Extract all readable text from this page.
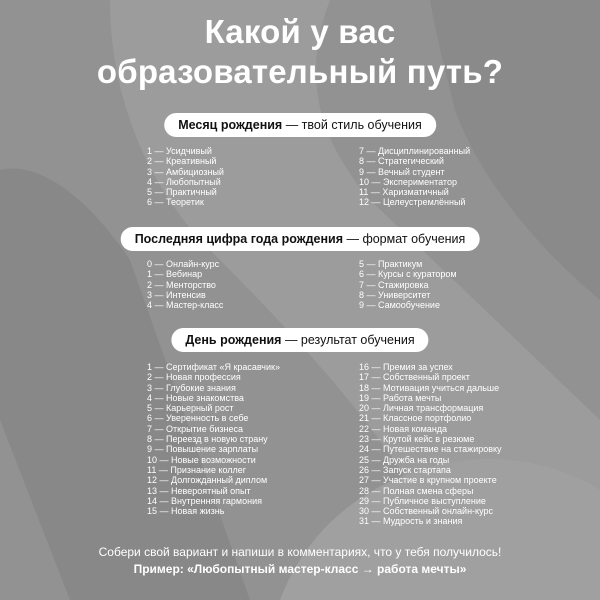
Какой у вас
образовательный путь?
Месяц рождения — твой стиль обучения
1 — Усидчивый
2 — Креативный
3 — Амбициозный
4 — Любопытный
5 — Практичный
6 — Теоретик
7 — Дисциплинированный
8 — Стратегический
9 — Вечный студент
10 — Экспериментатор
11 — Харизматичный
12 — Целеустремлённый
Последняя цифра года рождения — формат обучения
0 — Онлайн-курс
1 — Вебинар
2 — Менторство
3 — Интенсив
4 — Мастер-класс
5 — Практикум
6 — Курсы с куратором
7 — Стажировка
8 — Университет
9 — Самообучение
День рождения — результат обучения
1 — Сертификат «Я красавчик»
2 — Новая профессия
3 — Глубокие знания
4 — Новые знакомства
5 — Карьерный рост
6 — Уверенность в себе
7 — Открытие бизнеса
8 — Переезд в новую страну
9 — Повышение зарплаты
10 — Новые возможности
11 — Признание коллег
12 — Долгожданный диплом
13 — Невероятный опыт
14 — Внутренняя гармония
15 — Новая жизнь
16 — Премия за успех
17 — Собственный проект
18 — Мотивация учиться дальше
19 — Работа мечты
20 — Личная трансформация
21 — Классное портфолио
22 — Новая команда
23 — Крутой кейс в резюме
24 — Путешествие на стажировку
25 — Дружба на годы
26 — Запуск стартапа
27 — Участие в крупном проекте
28 — Полная смена сферы
29 — Публичное выступление
30 — Собственный онлайн-курс
31 — Мудрость и знания
Собери свой вариант и напиши в комментариях, что у тебя получилось!
Пример: «Любопытный мастер-класс → работа мечты»
